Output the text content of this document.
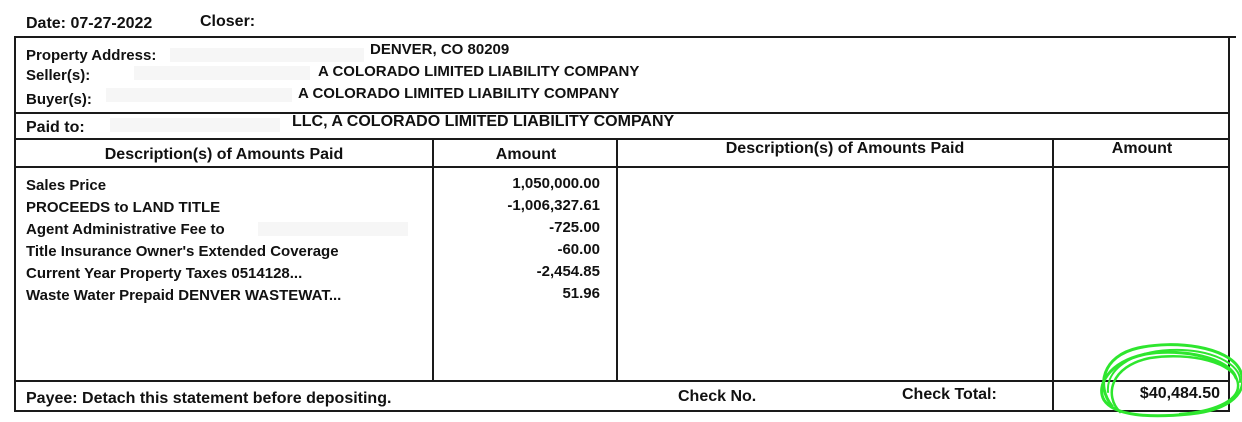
Date: 07-27-2022	Closer:
Property Address:	DENVER, CO 80209
Seller(s):	A COLORADO LIMITED LIABILITY COMPANY
Buyer(s):	A COLORADO LIMITED LIABILITY COMPANY
Paid to:	LLC, A COLORADO LIMITED LIABILITY COMPANY
Description(s) of Amounts Paid	Amount	Description(s) of Amounts Paid	Amount
Sales Price	1,050,000.00
PROCEEDS to LAND TITLE	-1,006,327.61
Agent Administrative Fee to	-725.00
Title Insurance Owner's Extended Coverage	-60.00
Current Year Property Taxes 0514128...	-2,454.85
Waste Water Prepaid DENVER WASTEWAT...	51.96
Payee: Detach this statement before depositing.	Check No.	Check Total:	$40,484.50
